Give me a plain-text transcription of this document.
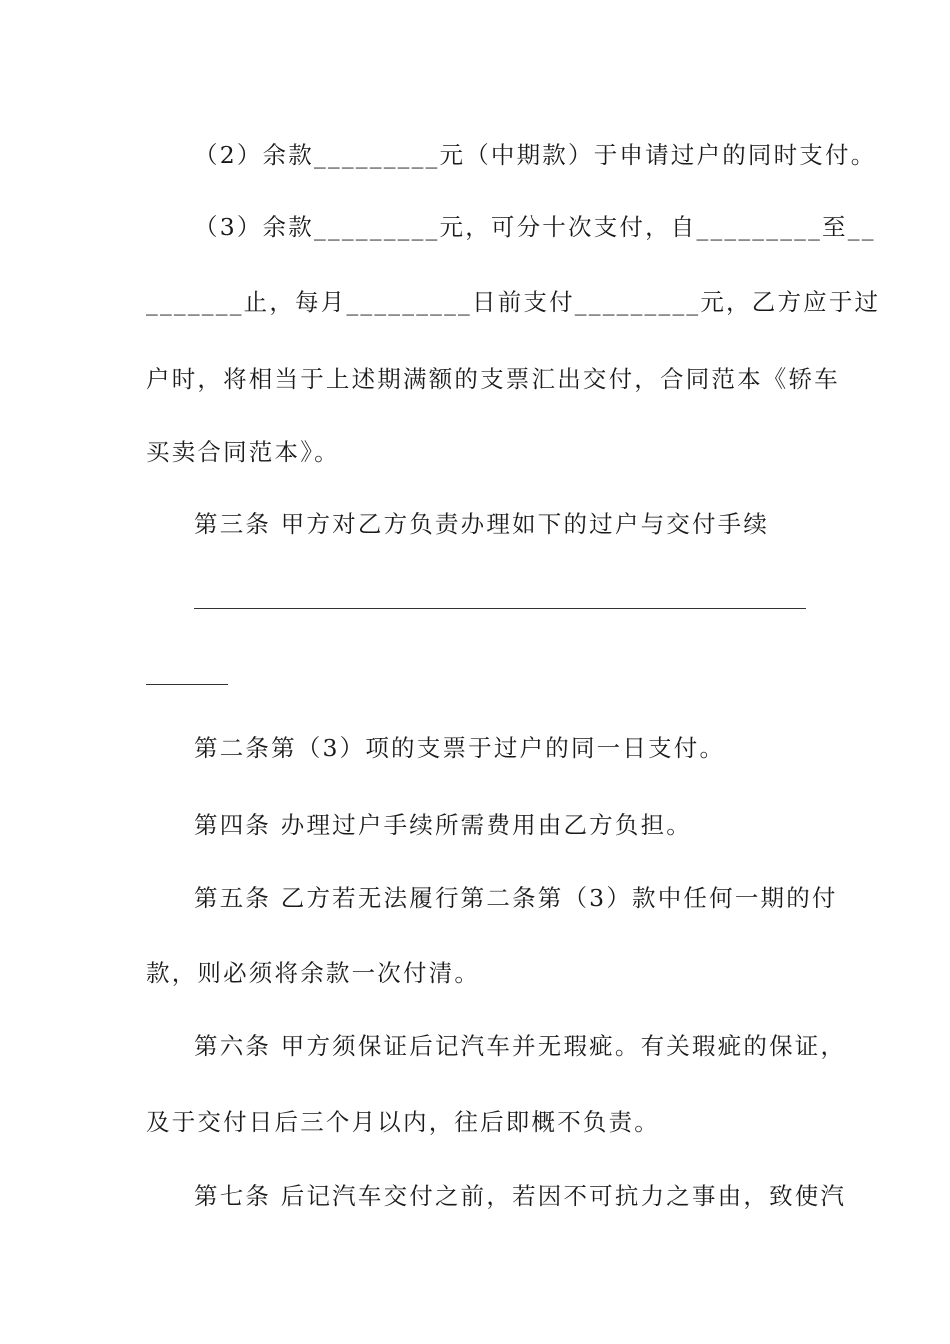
（2）余款_________元（中期款）于申请过户的同时支付。
（3）余款_________元，可分十次支付，自_________至__
_______止，每月_________日前支付_________元，乙方应于过
户时，将相当于上述期满额的支票汇出交付，合同范本《轿车
买卖合同范本》。
第三条 甲方对乙方负责办理如下的过户与交付手续
第二条第（3）项的支票于过户的同一日支付。
第四条 办理过户手续所需费用由乙方负担。
第五条 乙方若无法履行第二条第（3）款中任何一期的付
款，则必须将余款一次付清。
第六条 甲方须保证后记汽车并无瑕疵。有关瑕疵的保证，
及于交付日后三个月以内，往后即概不负责。
第七条 后记汽车交付之前，若因不可抗力之事由，致使汽
